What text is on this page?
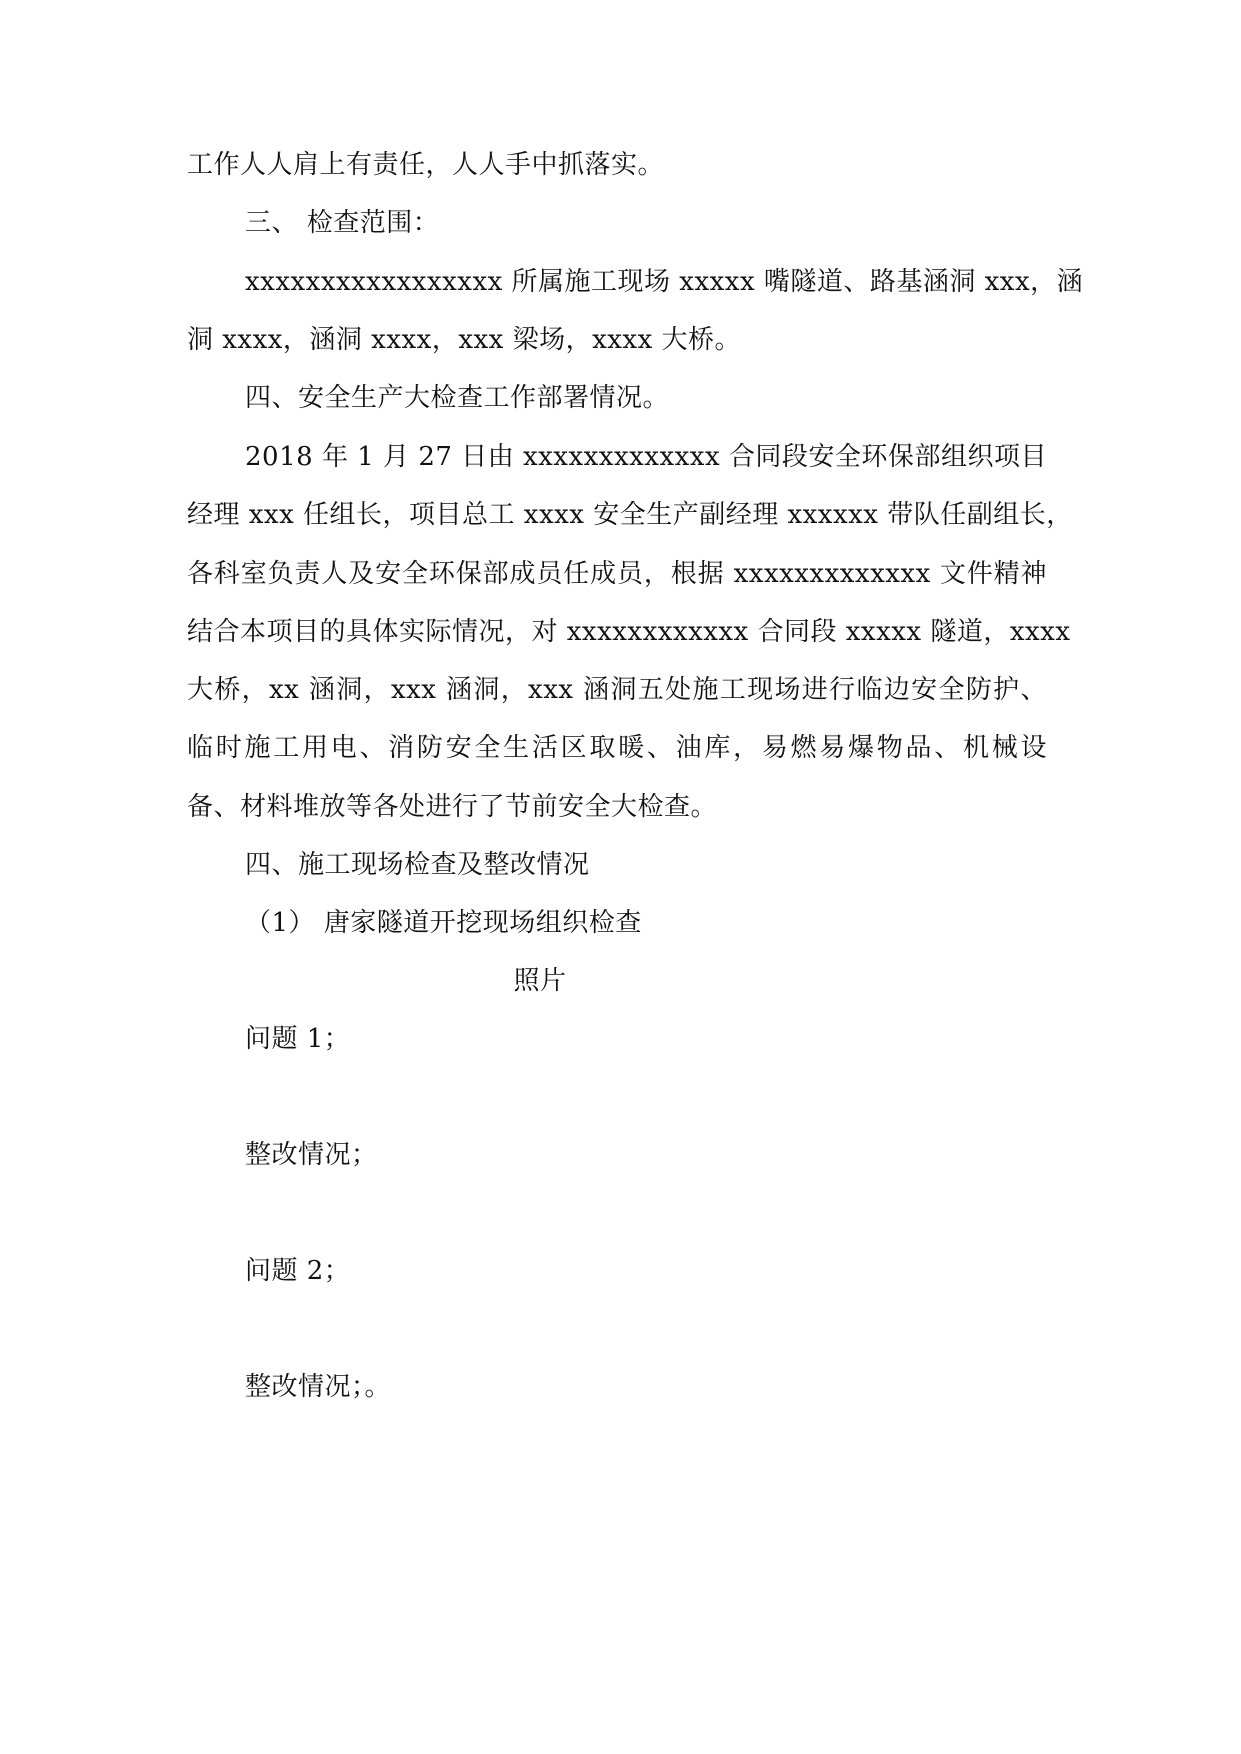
工作人人肩上有责任，人人手中抓落实。
三、 检查范围：
xxxxxxxxxxxxxxxxx 所属施工现场 xxxxx 嘴隧道、路基涵洞 xxx，涵
洞 xxxx，涵洞 xxxx，xxx 梁场，xxxx 大桥。
四、安全生产大检查工作部署情况。
2018 年 1 月 27 日由 xxxxxxxxxxxxx 合同段安全环保部组织项目
经理 xxx 任组长，项目总工 xxxx 安全生产副经理 xxxxxx 带队任副组长，
各科室负责人及安全环保部成员任成员，根据 xxxxxxxxxxxxx 文件精神
结合本项目的具体实际情况，对 xxxxxxxxxxxx 合同段 xxxxx 隧道，xxxx
大桥，xx 涵洞，xxx 涵洞，xxx 涵洞五处施工现场进行临边安全防护、
临时施工用电、消防安全生活区取暖、油库，易燃易爆物品、机械设
备、材料堆放等各处进行了节前安全大检查。
四、施工现场检查及整改情况
（1） 唐家隧道开挖现场组织检查
照片
问题 1；
整改情况；
问题 2；
整改情况；。
